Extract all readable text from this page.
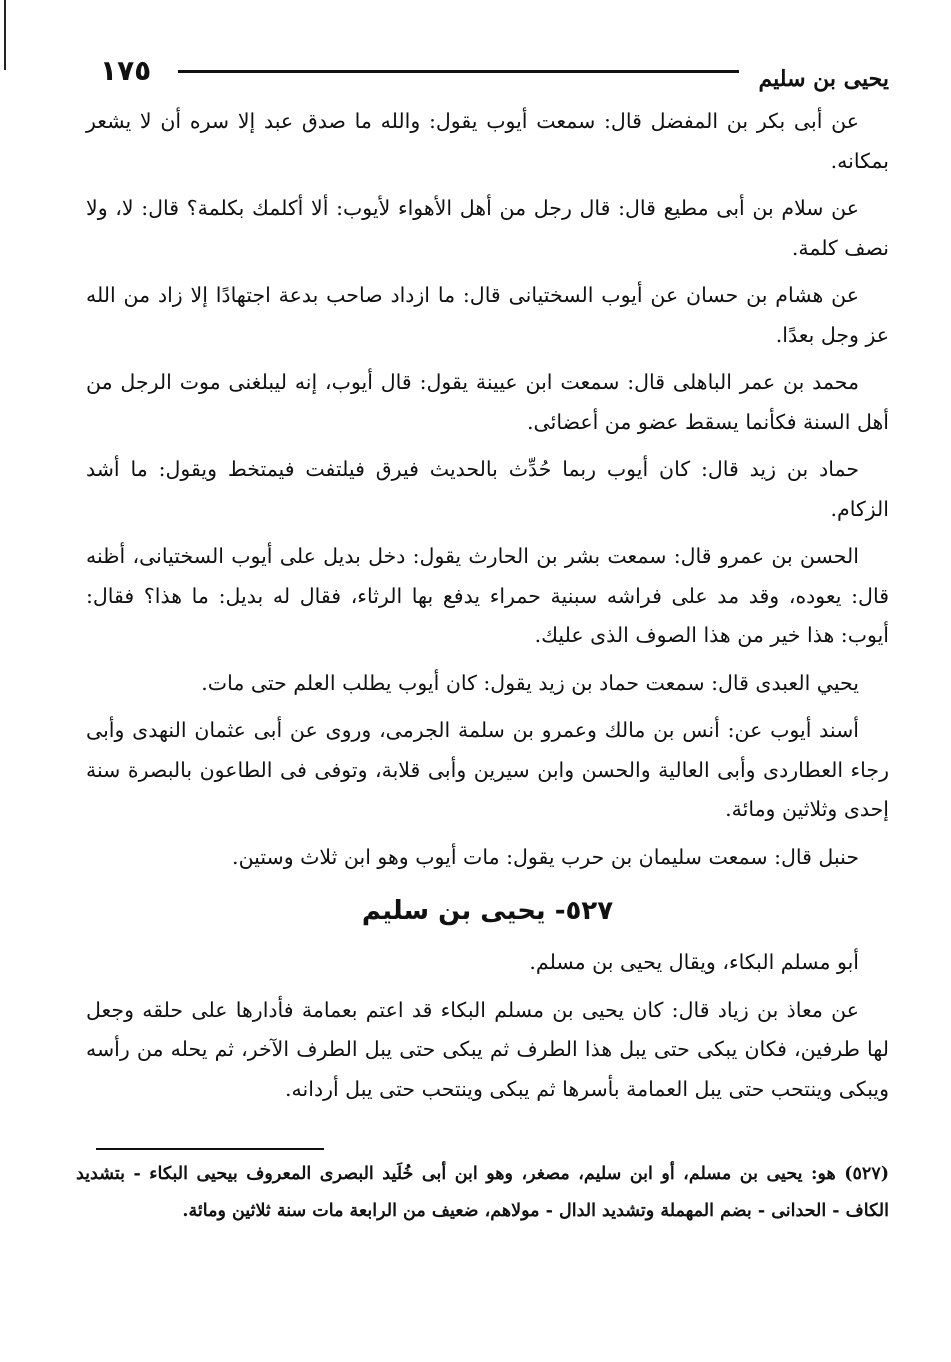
يحيى بن سليم
١٧٥

عن أبى بكر بن المفضل قال: سمعت أيوب يقول: والله ما صدق عبد إلا سره أن لا يشعر بمكانه.

عن سلام بن أبى مطيع قال: قال رجل من أهل الأهواء لأيوب: ألا أكلمك بكلمة؟ قال: لا، ولا نصف كلمة.

عن هشام بن حسان عن أيوب السختيانى قال: ما ازداد صاحب بدعة اجتهادًا إلا زاد من الله عز وجل بعدًا.

محمد بن عمر الباهلى قال: سمعت ابن عيينة يقول: قال أيوب، إنه ليبلغنى موت الرجل من أهل السنة فكأنما يسقط عضو من أعضائى.

حماد بن زيد قال: كان أيوب ربما حُدِّث بالحديث فيرق فيلتفت فيمتخط ويقول: ما أشد الزكام.

الحسن بن عمرو قال: سمعت بشر بن الحارث يقول: دخل بديل على أيوب السختيانى، أظنه قال: يعوده، وقد مد على فراشه سبنية حمراء يدفع بها الرثاء، فقال له بديل: ما هذا؟ فقال: أيوب: هذا خير من هذا الصوف الذى عليك.

يحيي العبدى قال: سمعت حماد بن زيد يقول: كان أيوب يطلب العلم حتى مات.

أسند أيوب عن: أنس بن مالك وعمرو بن سلمة الجرمى، وروى عن أبى عثمان النهدى وأبى رجاء العطاردى وأبى العالية والحسن وابن سيرين وأبى قلابة، وتوفى فى الطاعون بالبصرة سنة إحدى وثلاثين ومائة.

حنبل قال: سمعت سليمان بن حرب يقول: مات أيوب وهو ابن ثلاث وستين.

٥٢٧- يحيى بن سليم

أبو مسلم البكاء، ويقال يحيى بن مسلم.

عن معاذ بن زياد قال: كان يحيى بن مسلم البكاء قد اعتم بعمامة فأدارها على حلقه وجعل لها طرفين، فكان يبكى حتى يبل هذا الطرف ثم يبكى حتى يبل الطرف الآخر، ثم يحله من رأسه ويبكى وينتحب حتى يبل العمامة بأسرها ثم يبكى وينتحب حتى يبل أردانه.

(٥٢٧) هو: يحيى بن مسلم، أو ابن سليم، مصغر، وهو ابن أبى خُلَيد البصرى المعروف بيحيى البكاء - بتشديد الكاف - الحدانى - بضم المهملة وتشديد الدال - مولاهم، ضعيف من الرابعة مات سنة ثلاثين ومائة.
